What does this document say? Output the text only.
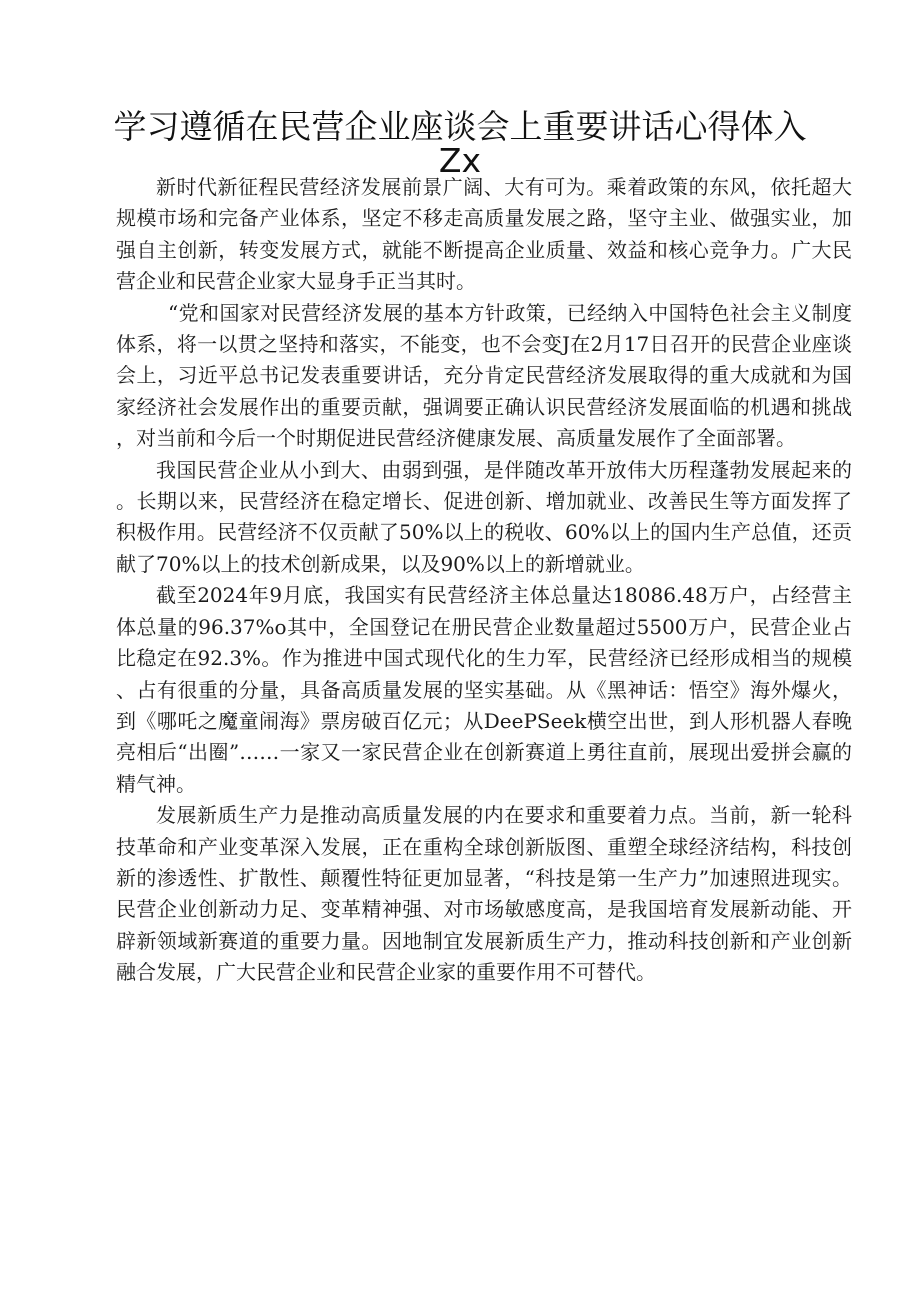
学习遵循在民营企业座谈会上重要讲话心得体入Zx

新时代新征程民营经济发展前景广阔、大有可为。乘着政策的东风，依托超大规模市场和完备产业体系，坚定不移走高质量发展之路，坚守主业、做强实业，加强自主创新，转变发展方式，就能不断提高企业质量、效益和核心竞争力。广大民营企业和民营企业家大显身手正当其时。

“党和国家对民营经济发展的基本方针政策，已经纳入中国特色社会主义制度体系，将一以贯之坚持和落实，不能变，也不会变J在2月17日召开的民营企业座谈会上，习近平总书记发表重要讲话，充分肯定民营经济发展取得的重大成就和为国家经济社会发展作出的重要贡献，强调要正确认识民营经济发展面临的机遇和挑战，对当前和今后一个时期促进民营经济健康发展、高质量发展作了全面部署。

我国民营企业从小到大、由弱到强，是伴随改革开放伟大历程蓬勃发展起来的。长期以来，民营经济在稳定增长、促进创新、增加就业、改善民生等方面发挥了积极作用。民营经济不仅贡献了50%以上的税收、60%以上的国内生产总值，还贡献了70%以上的技术创新成果，以及90%以上的新增就业。

截至2024年9月底，我国实有民营经济主体总量达18086.48万户，占经营主体总量的96.37%o其中，全国登记在册民营企业数量超过5500万户，民营企业占比稳定在92.3%。作为推进中国式现代化的生力军，民营经济已经形成相当的规模、占有很重的分量，具备高质量发展的坚实基础。从《黑神话：悟空》海外爆火，到《哪吒之魔童闹海》票房破百亿元；从DeePSeek横空出世，到人形机器人春晚亮相后“出圈”……一家又一家民营企业在创新赛道上勇往直前，展现出爱拼会赢的精气神。

发展新质生产力是推动高质量发展的内在要求和重要着力点。当前，新一轮科技革命和产业变革深入发展，正在重构全球创新版图、重塑全球经济结构，科技创新的渗透性、扩散性、颠覆性特征更加显著，“科技是第一生产力”加速照进现实。民营企业创新动力足、变革精神强、对市场敏感度高，是我国培育发展新动能、开辟新领域新赛道的重要力量。因地制宜发展新质生产力，推动科技创新和产业创新融合发展，广大民营企业和民营企业家的重要作用不可替代。
